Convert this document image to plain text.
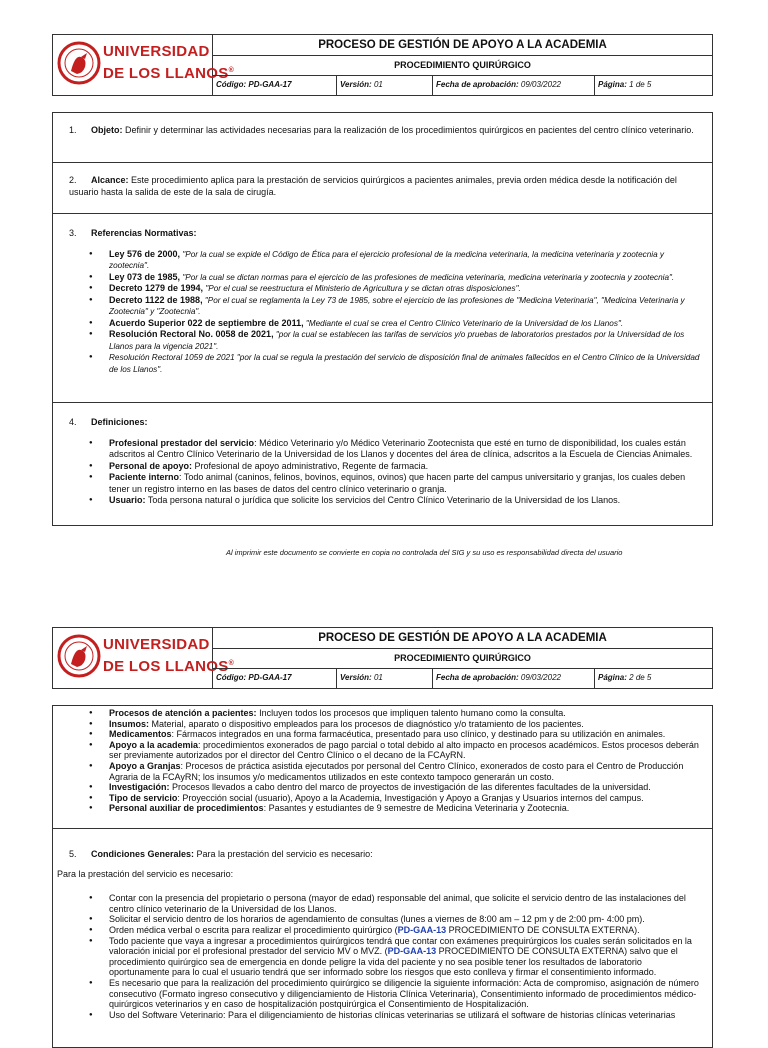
UNIVERSIDAD
DE LOS LLANOS®
PROCESO DE GESTIÓN DE APOYO A LA ACADEMIA
PROCEDIMIENTO QUIRÚRGICO
Código: PD-GAA-17	Versión: 01	Fecha de aprobación: 09/03/2022	Página: 1 de 5

1. Objeto: Definir y determinar las actividades necesarias para la realización de los procedimientos quirúrgicos en pacientes del centro clínico veterinario.

2. Alcance: Este procedimiento aplica para la prestación de servicios quirúrgicos a pacientes animales, previa orden médica desde la notificación del usuario hasta la salida de este de la sala de cirugía.

3. Referencias Normativas:

● Ley 576 de 2000, "Por la cual se expide el Código de Ética para el ejercicio profesional de la medicina veterinaria, la medicina veterinaria y zootecnia y zootecnia".
● Ley 073 de 1985, "Por la cual se dictan normas para el ejercicio de las profesiones de medicina veterinaria, medicina veterinaria y zootecnia y zootecnia".
● Decreto 1279 de 1994, "Por el cual se reestructura el Ministerio de Agricultura y se dictan otras disposiciones".
● Decreto 1122 de 1988, "Por el cual se reglamenta la Ley 73 de 1985, sobre el ejercicio de las profesiones de "Medicina Veterinaria", "Medicina Veterinaria y Zootecnia" y "Zootecnia".
● Acuerdo Superior 022 de septiembre de 2011, "Mediante el cual se crea el Centro Clínico Veterinario de la Universidad de los Llanos".
● Resolución Rectoral No. 0058 de 2021, "por la cual se establecen las tarifas de servicios y/o pruebas de laboratorios prestados por la Universidad de los Llanos para la vigencia 2021".
● Resolución Rectoral 1059 de 2021 "por la cual se regula la prestación del servicio de disposición final de animales fallecidos en el Centro Clínico de la Universidad de los Llanos".

4. Definiciones:

● Profesional prestador del servicio: Médico Veterinario y/o Médico Veterinario Zootecnista que esté en turno de disponibilidad, los cuales están adscritos al Centro Clínico Veterinario de la Universidad de los Llanos y docentes del área de clínica, adscritos a la Escuela de Ciencias Animales.
● Personal de apoyo: Profesional de apoyo administrativo, Regente de farmacia.
● Paciente interno: Todo animal (caninos, felinos, bovinos, equinos, ovinos) que hacen parte del campus universitario y granjas, los cuales deben tener un registro interno en las bases de datos del centro clínico veterinario o granja.
● Usuario: Toda persona natural o jurídica que solicite los servicios del Centro Clínico Veterinario de la Universidad de los Llanos.
Al imprimir este documento se convierte en copia no controlada del SIG y su uso es responsabilidad directa del usuario
UNIVERSIDAD
DE LOS LLANOS®
PROCESO DE GESTIÓN DE APOYO A LA ACADEMIA
PROCEDIMIENTO QUIRÚRGICO
Código: PD-GAA-17	Versión: 01	Fecha de aprobación: 09/03/2022	Página: 2 de 5
● Procesos de atención a pacientes: Incluyen todos los procesos que impliquen talento humano como la consulta.
● Insumos: Material, aparato o dispositivo empleados para los procesos de diagnóstico y/o tratamiento de los pacientes.
● Medicamentos: Fármacos integrados en una forma farmacéutica, presentado para uso clínico, y destinado para su utilización en animales.
● Apoyo a la academia: procedimientos exonerados de pago parcial o total debido al alto impacto en procesos académicos. Estos procesos deberán ser previamente autorizados por el director del Centro Clínico o el decano de la FCAyRN.
● Apoyo a Granjas: Procesos de práctica asistida ejecutados por personal del Centro Clínico, exonerados de costo para el Centro de Producción Agraria de la FCAyRN; los insumos y/o medicamentos utilizados en este contexto tampoco generarán un costo.
● Investigación: Procesos llevados a cabo dentro del marco de proyectos de investigación de las diferentes facultades de la universidad.
● Tipo de servicio: Proyección social (usuario), Apoyo a la Academia, Investigación y Apoyo a Granjas y Usuarios internos del campus.
● Personal auxiliar de procedimientos: Pasantes y estudiantes de 9 semestre de Medicina Veterinaria y Zootecnia.

5. Condiciones Generales: Para la prestación del servicio es necesario:

Para la prestación del servicio es necesario:

● Contar con la presencia del propietario o persona (mayor de edad) responsable del animal, que solicite el servicio dentro de las instalaciones del centro clínico veterinario de la Universidad de los Llanos.
● Solicitar el servicio dentro de los horarios de agendamiento de consultas (lunes a viernes de 8:00 am – 12 pm y de 2:00 pm- 4:00 pm).
● Orden médica verbal o escrita para realizar el procedimiento quirúrgico (PD-GAA-13 PROCEDIMIENTO DE CONSULTA EXTERNA).
● Todo paciente que vaya a ingresar a procedimientos quirúrgicos tendrá que contar con exámenes prequirúrgicos los cuales serán solicitados en la valoración inicial por el profesional prestador del servicio MV o MVZ. (PD-GAA-13 PROCEDIMIENTO DE CONSULTA EXTERNA) salvo que el procedimiento quirúrgico sea de emergencia en donde peligre la vida del paciente y no sea posible tener los resultados de laboratorio oportunamente para lo cual el usuario tendrá que ser informado sobre los riesgos que esto conlleva y firmar el consentimiento informado.
● Es necesario que para la realización del procedimiento quirúrgico se diligencie la siguiente información: Acta de compromiso, asignación de número consecutivo (Formato ingreso consecutivo y diligenciamiento de Historia Clínica Veterinaria), Consentimiento informado de procedimientos médico-quirúrgicos veterinarios y en caso de hospitalización postquirúrgica el Consentimiento de Hospitalización.
● Uso del Software Veterinario: Para el diligenciamiento de historias clínicas veterinarias se utilizará el software de historias clínicas veterinarias
